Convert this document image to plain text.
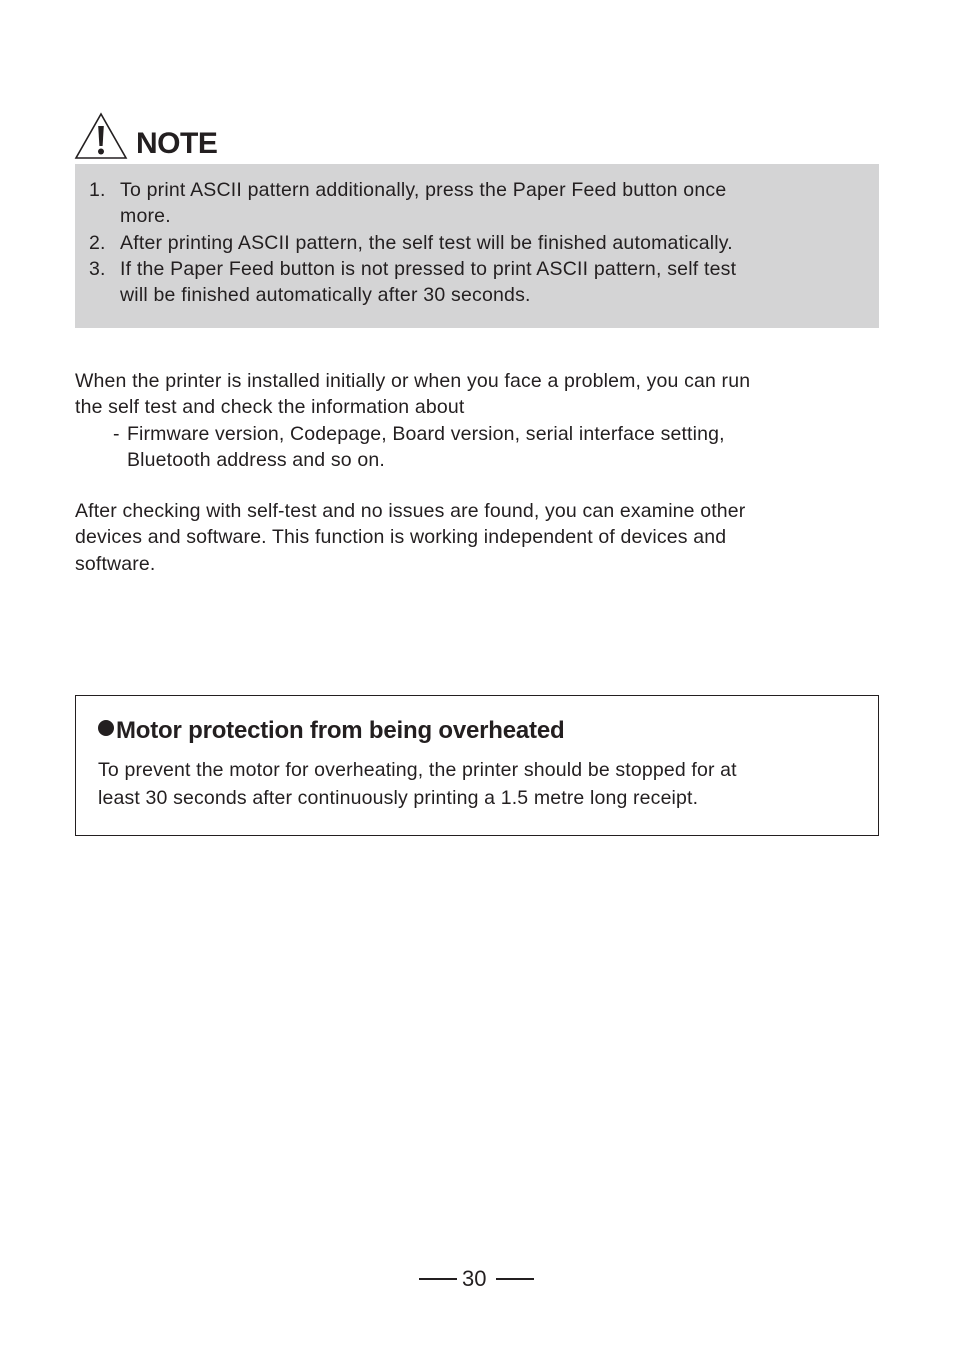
NOTE
1. To print ASCII pattern additionally, press the Paper Feed button once
more.
2. After printing ASCII pattern, the self test will be finished automatically.
3. If the Paper Feed button is not pressed to print ASCII pattern, self test
will be finished automatically after 30 seconds.
When the printer is installed initially or when you face a problem, you can run
the self test and check the information about
- Firmware version, Codepage, Board version, serial interface setting,
Bluetooth address and so on.
After checking with self-test and no issues are found, you can examine other
devices and software. This function is working independent of devices and
software.
Motor protection from being overheated
To prevent the motor for overheating, the printer should be stopped for at
least 30 seconds after continuously printing a 1.5 metre long receipt.
30
